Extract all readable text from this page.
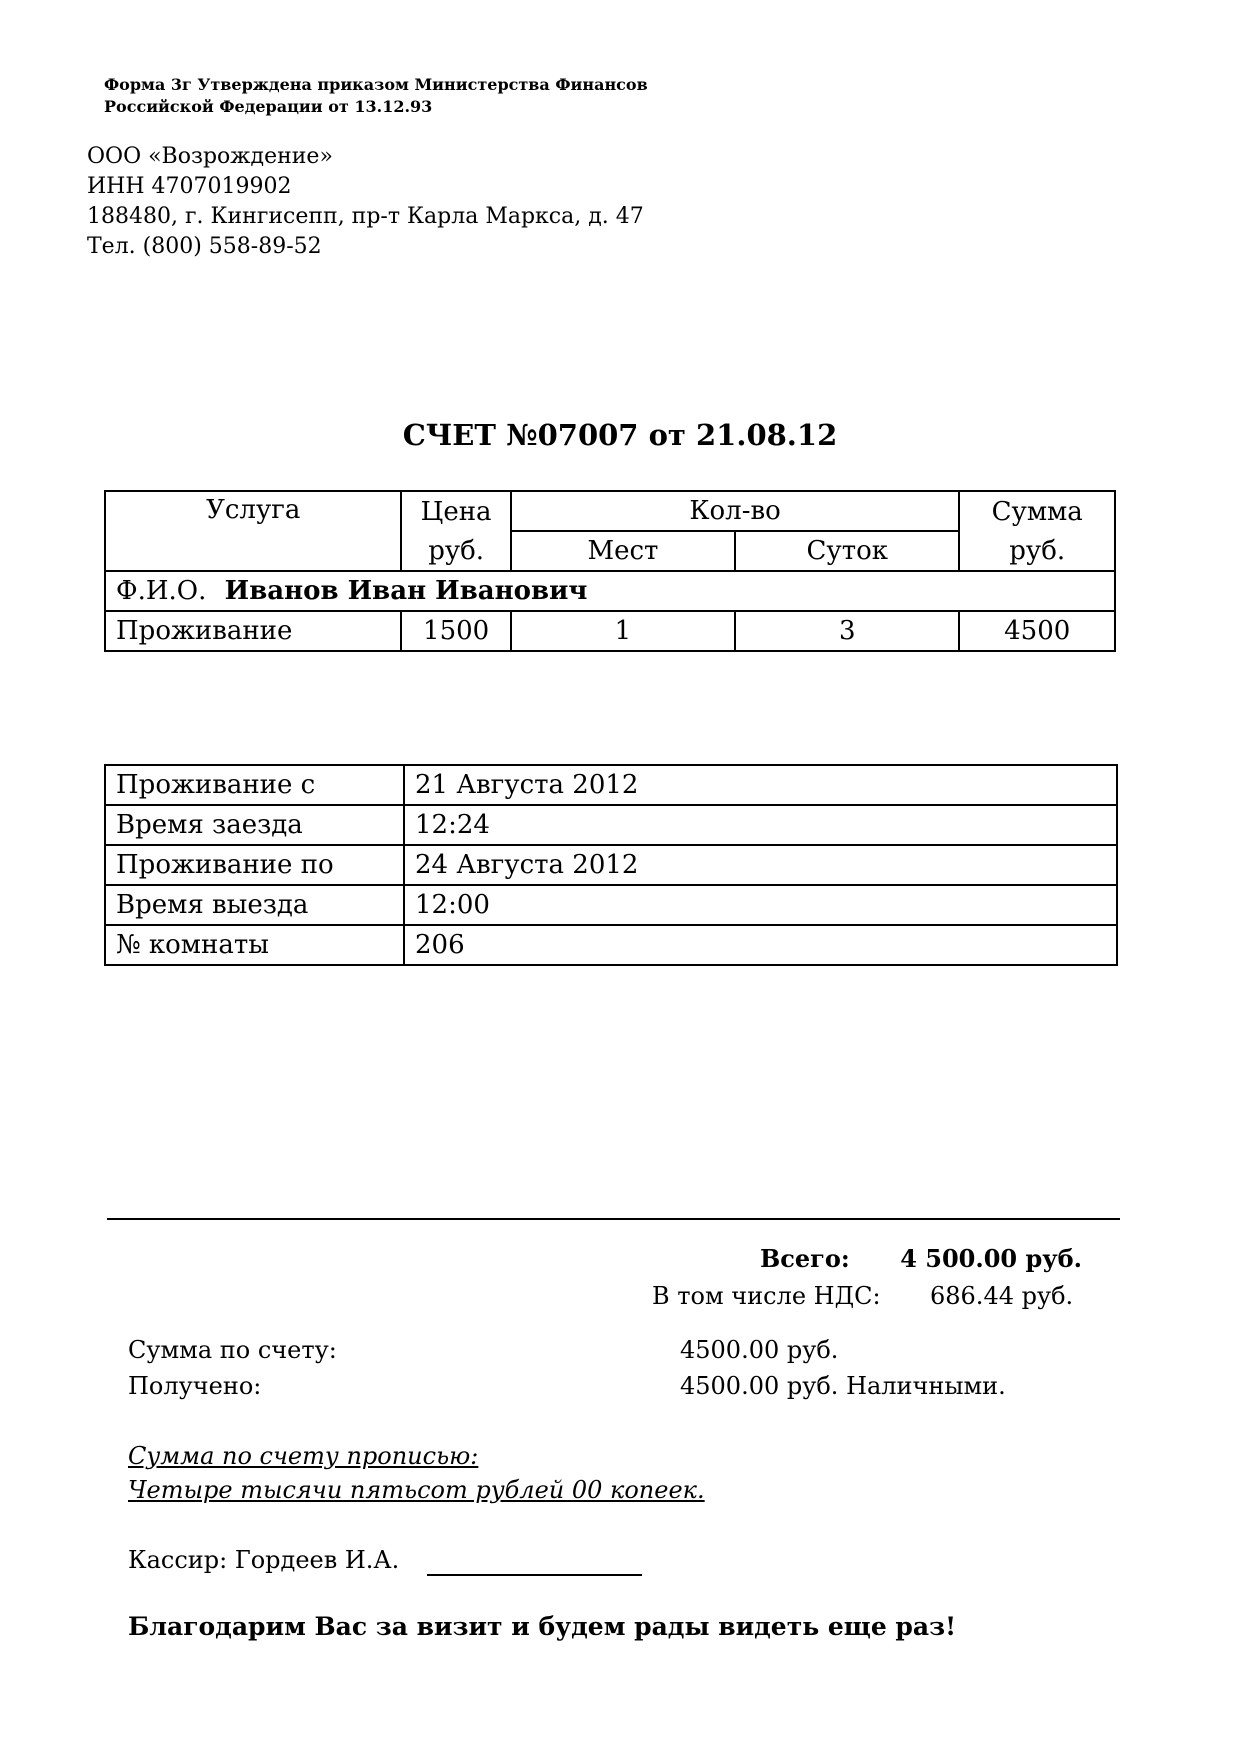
Форма 3г Утверждена приказом Министерства Финансов
Российской Федерации от 13.12.93
ООО «Возрождение»
ИНН 4707019902
188480, г. Кингисепп, пр-т Карла Маркса, д. 47
Тел. (800) 558-89-52
СЧЕТ №07007 от 21.08.12
Услуга	Цена	Кол-во		Сумма
	руб.	Мест	Суток	руб.
Ф.И.О. Иванов Иван Иванович				
Проживание	1500	1	3	4500
Проживание с	21 Августа 2012
Время заезда	12:24
Проживание по	24 Августа 2012
Время выезда	12:00
№ комнаты	206
Всего: 4 500.00 руб.
В том числе НДС: 686.44 руб.
Сумма по счету:	4500.00 руб.
Получено:	4500.00 руб. Наличными.
Сумма по счету прописью:
Четыре тысячи пятьсот рублей 00 копеек.
Кассир: Гордеев И.А.
Благодарим Вас за визит и будем рады видеть еще раз!
